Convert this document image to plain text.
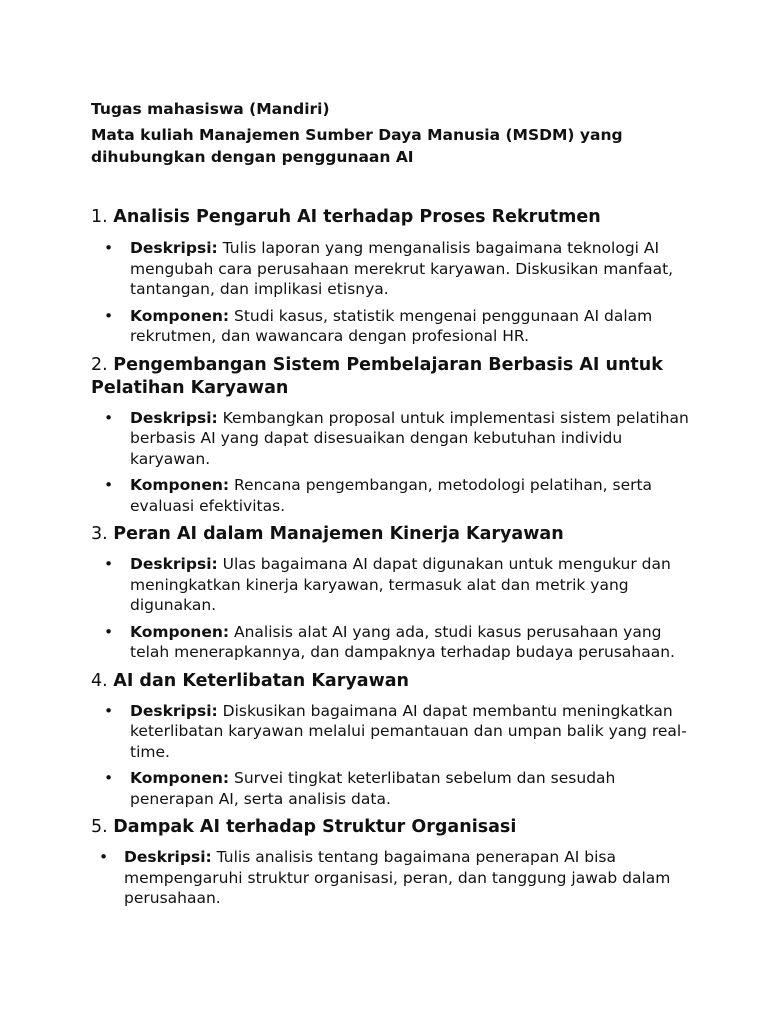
Tugas mahasiswa (Mandiri)

Mata kuliah Manajemen Sumber Daya Manusia (MSDM) yang dihubungkan dengan penggunaan AI

1. Analisis Pengaruh AI terhadap Proses Rekrutmen
• Deskripsi: Tulis laporan yang menganalisis bagaimana teknologi AI mengubah cara perusahaan merekrut karyawan. Diskusikan manfaat, tantangan, dan implikasi etisnya.
• Komponen: Studi kasus, statistik mengenai penggunaan AI dalam rekrutmen, dan wawancara dengan profesional HR.
2. Pengembangan Sistem Pembelajaran Berbasis AI untuk Pelatihan Karyawan
• Deskripsi: Kembangkan proposal untuk implementasi sistem pelatihan berbasis AI yang dapat disesuaikan dengan kebutuhan individu karyawan.
• Komponen: Rencana pengembangan, metodologi pelatihan, serta evaluasi efektivitas.
3. Peran AI dalam Manajemen Kinerja Karyawan
• Deskripsi: Ulas bagaimana AI dapat digunakan untuk mengukur dan meningkatkan kinerja karyawan, termasuk alat dan metrik yang digunakan.
• Komponen: Analisis alat AI yang ada, studi kasus perusahaan yang telah menerapkannya, dan dampaknya terhadap budaya perusahaan.
4. AI dan Keterlibatan Karyawan
• Deskripsi: Diskusikan bagaimana AI dapat membantu meningkatkan keterlibatan karyawan melalui pemantauan dan umpan balik yang real-time.
• Komponen: Survei tingkat keterlibatan sebelum dan sesudah penerapan AI, serta analisis data.
5. Dampak AI terhadap Struktur Organisasi
• Deskripsi: Tulis analisis tentang bagaimana penerapan AI bisa mempengaruhi struktur organisasi, peran, dan tanggung jawab dalam perusahaan.
